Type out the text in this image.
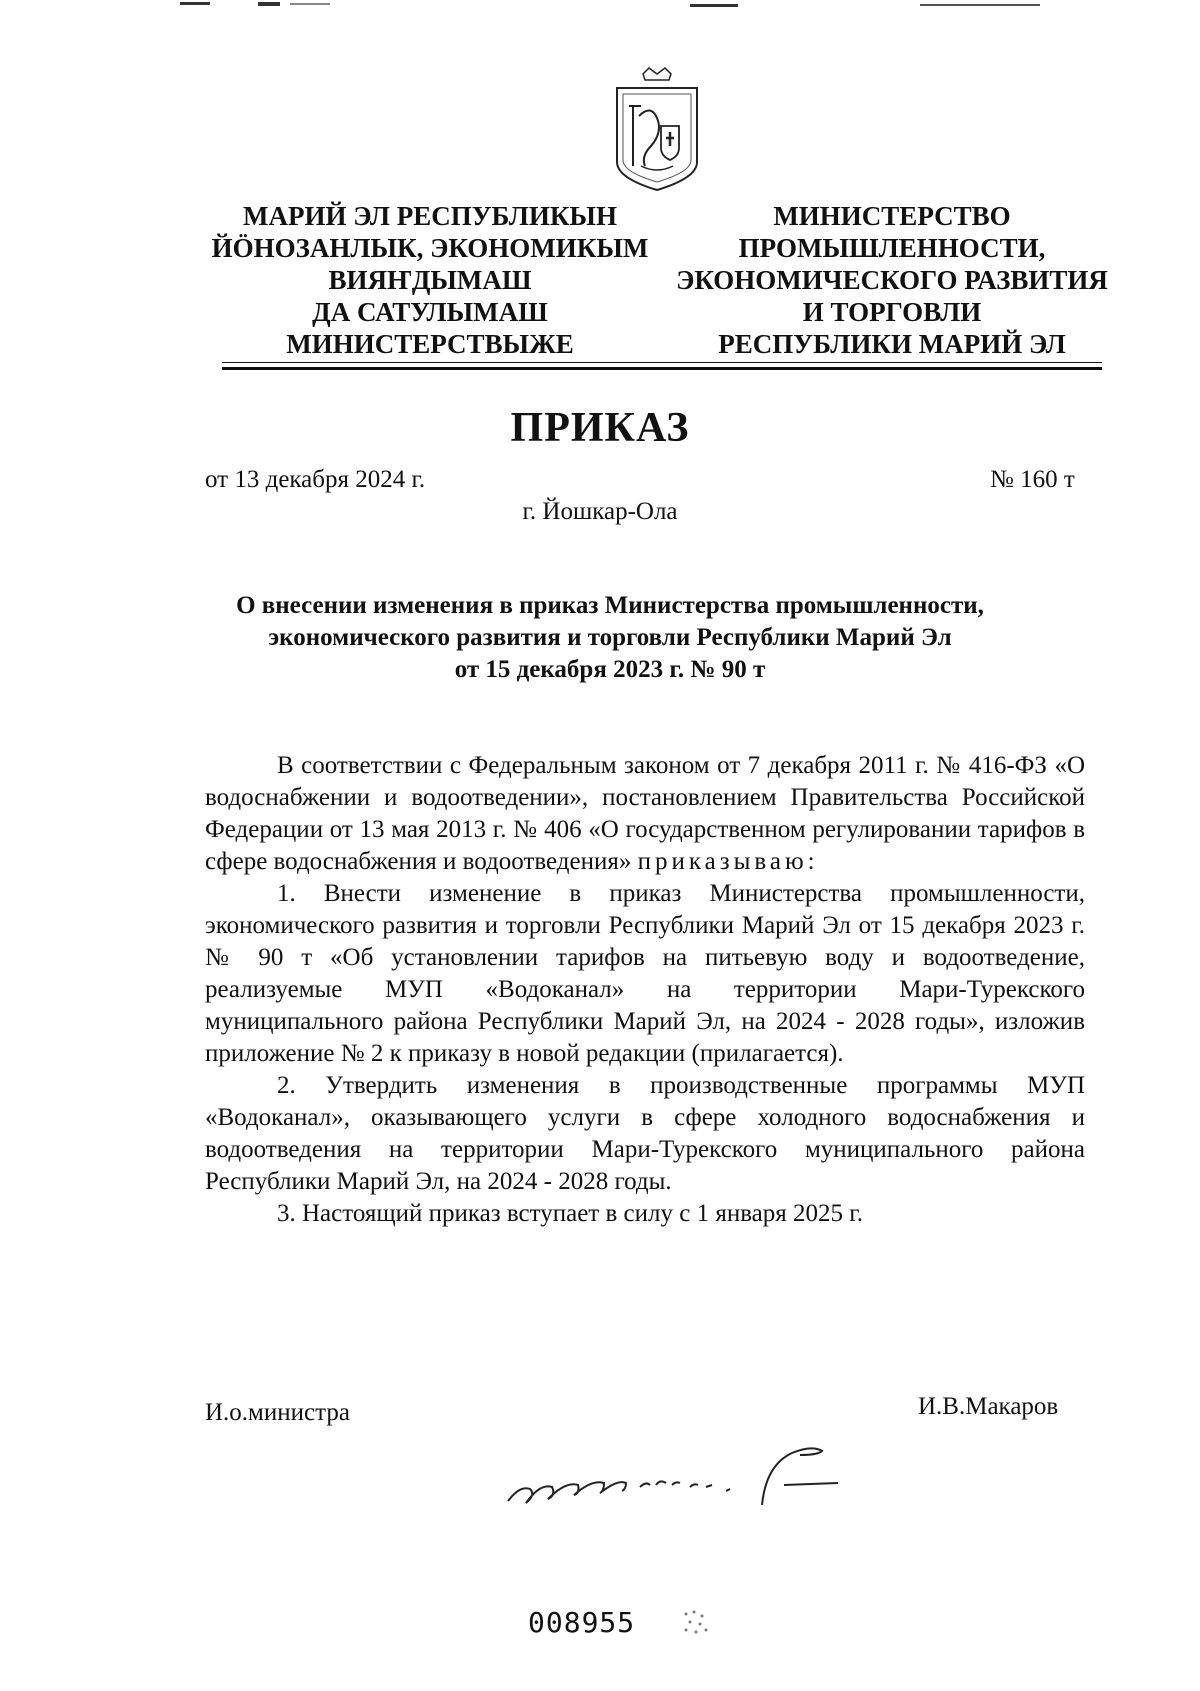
МАРИЙ ЭЛ РЕСПУБЛИКЫН
ЙӦНОЗАНЛЫК, ЭКОНОМИКЫМ
ВИЯҤДЫМАШ
ДА САТУЛЫМАШ
МИНИСТЕРСТВЫЖЕ
МИНИСТЕРСТВО
ПРОМЫШЛЕННОСТИ,
ЭКОНОМИЧЕСКОГО РАЗВИТИЯ
И ТОРГОВЛИ
РЕСПУБЛИКИ МАРИЙ ЭЛ
ПРИКАЗ
от 13 декабря 2024 г.	№ 160 т
г. Йошкар-Ола
О внесении изменения в приказ Министерства промышленности,
экономического развития и торговли Республики Марий Эл
от 15 декабря 2023 г. № 90 т
В соответствии с Федеральным законом от 7 декабря 2011 г. № 416-ФЗ «О водоснабжении и водоотведении», постановлением Правительства Российской Федерации от 13 мая 2013 г. № 406 «О государственном регулировании тарифов в сфере водоснабжения и водоотведения» приказываю:
1. Внести изменение в приказ Министерства промышленности, экономического развития и торговли Республики Марий Эл от 15 декабря 2023 г. № 90 т «Об установлении тарифов на питьевую воду и водоотведение, реализуемые МУП «Водоканал» на территории Мари-Турекского муниципального района Республики Марий Эл, на 2024 - 2028 годы», изложив приложение № 2 к приказу в новой редакции (прилагается).
2. Утвердить изменения в производственные программы МУП «Водоканал», оказывающего услуги в сфере холодного водоснабжения и водоотведения на территории Мари-Турекского муниципального района Республики Марий Эл, на 2024 - 2028 годы.
3. Настоящий приказ вступает в силу с 1 января 2025 г.
И.о.министра	И.В.Макаров
008955
